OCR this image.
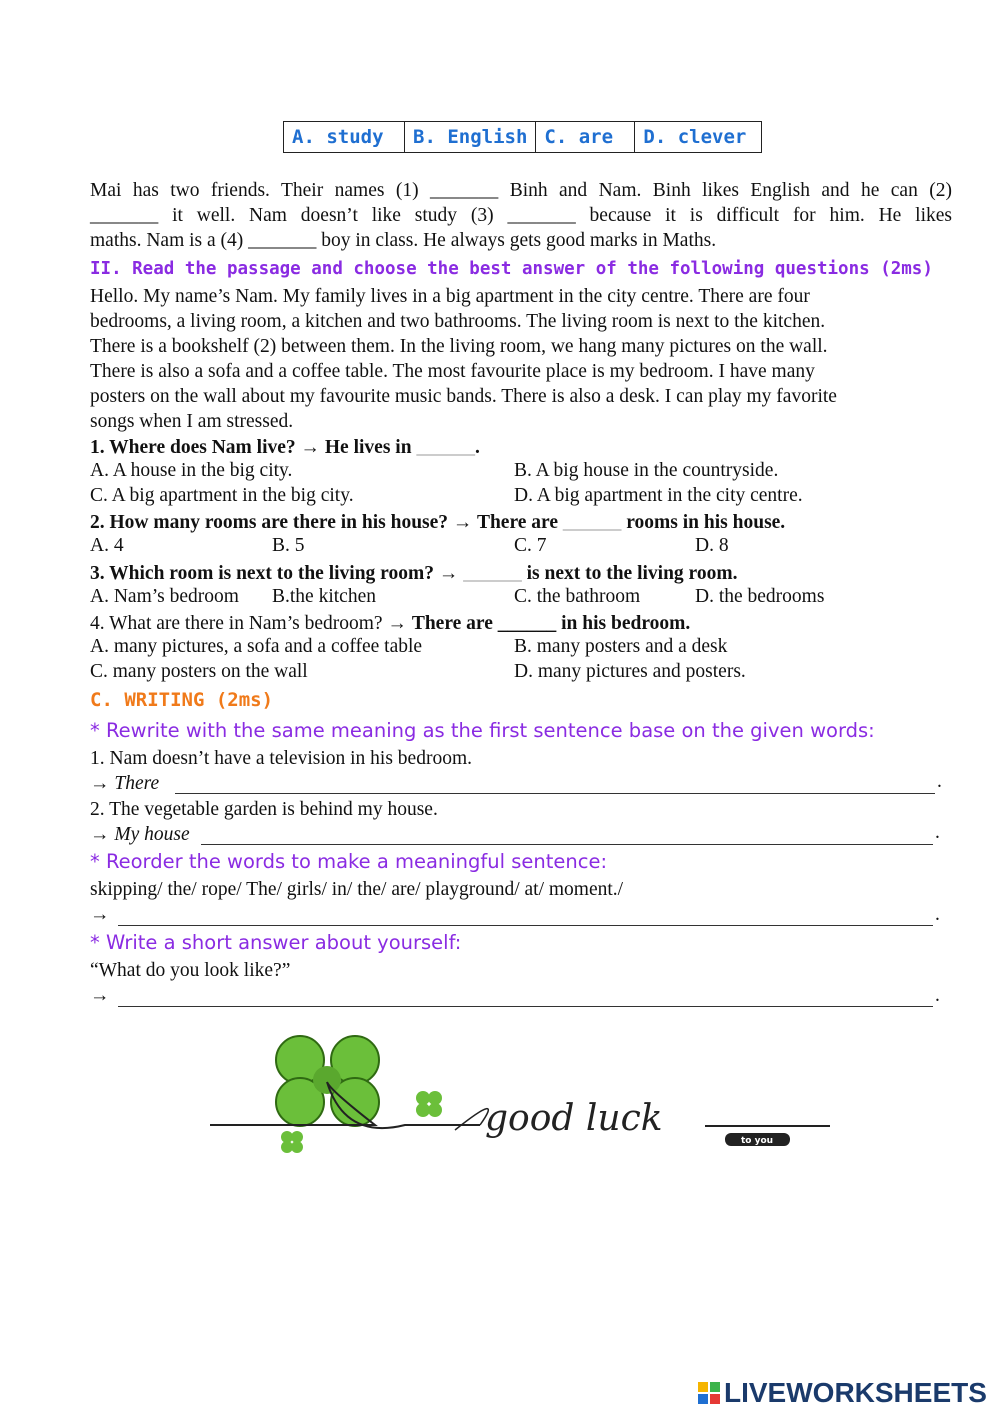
A. study	B. English	C. are	D. clever
Mai has two friends. Their names (1) _______ Binh and Nam. Binh likes English and he can (2)
_______ it well. Nam doesn’t like study (3) _______ because it is difficult for him. He likes
maths. Nam is a (4) _______ boy in class. He always gets good marks in Maths.
II. Read the passage and choose the best answer of the following questions (2ms)
Hello. My name’s Nam. My family lives in a big apartment in the city centre. There are four
bedrooms, a living room, a kitchen and two bathrooms. The living room is next to the kitchen.
There is a bookshelf (2) between them. In the living room, we hang many pictures on the wall.
There is also a sofa and a coffee table. The most favourite place is my bedroom. I have many
posters on the wall about my favourite music bands. There is also a desk. I can play my favorite
songs when I am stressed.
1. Where does Nam live? → He lives in ______.
A. A house in the big city.	B. A big house in the countryside.
C. A big apartment in the big city.	D. A big apartment in the city centre.
2. How many rooms are there in his house? → There are ______ rooms in his house.
A. 4	B. 5	C. 7	D. 8
3. Which room is next to the living room? → ______ is next to the living room.
A. Nam’s bedroom B.the kitchen	C. the bathroom	D. the bedrooms
4. What are there in Nam’s bedroom? → There are ______ in his bedroom.
A. many pictures, a sofa and a coffee table	B. many posters and a desk
C. many posters on the wall	D. many pictures and posters.
C. WRITING (2ms)
* Rewrite with the same meaning as the first sentence base on the given words:
1. Nam doesn’t have a television in his bedroom.
→ There	.
2. The vegetable garden is behind my house.
→ My house	.
* Reorder the words to make a meaningful sentence:
skipping/ the/ rope/ The/ girls/ in/ the/ are/ playground/ at/ moment./
→	.
* Write a short answer about yourself:
“What do you look like?”
→	.
good luck
to you
LIVEWORKSHEETS
